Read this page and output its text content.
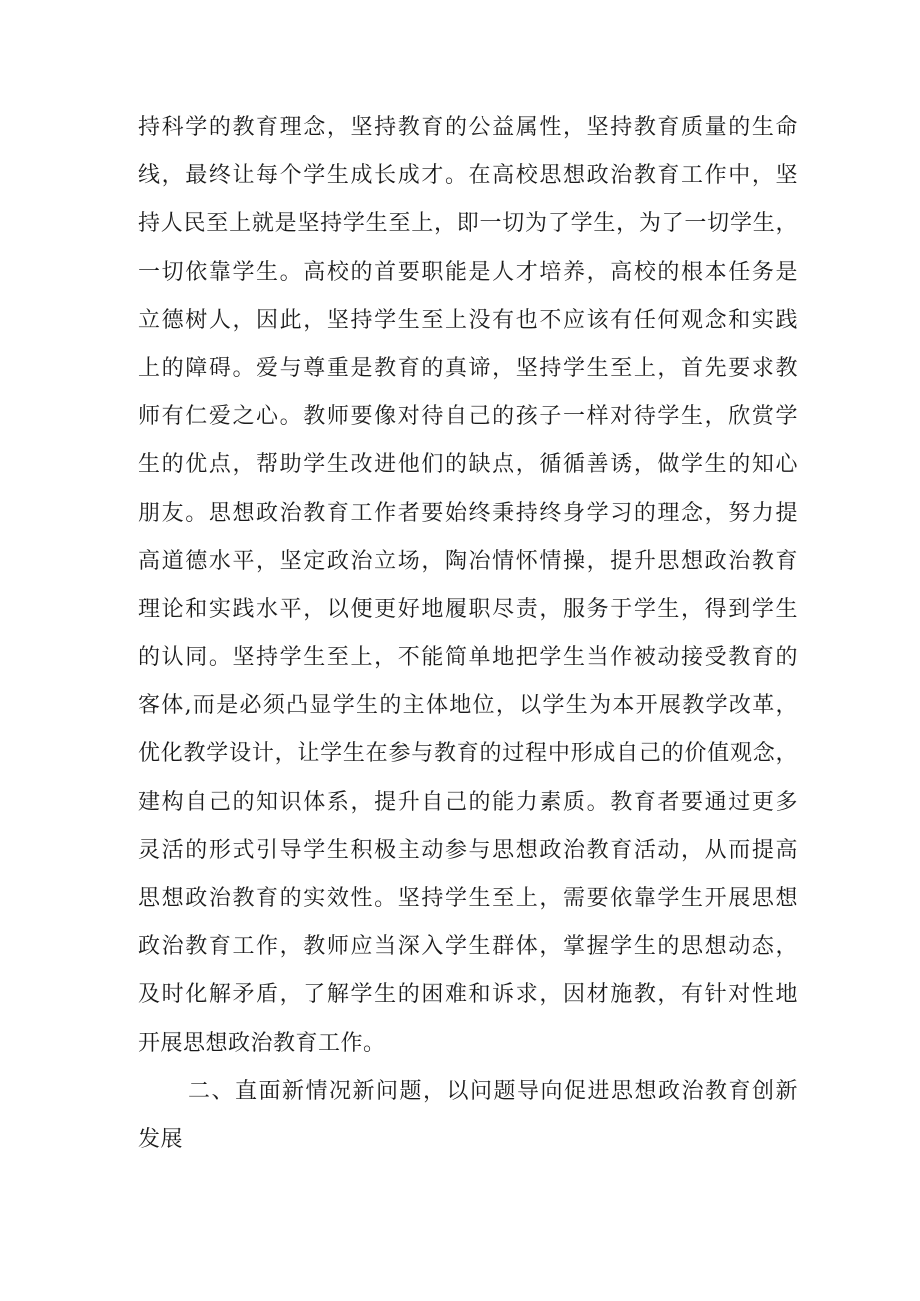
持科学的教育理念，坚持教育的公益属性，坚持教育质量的生命
线，最终让每个学生成长成才。在高校思想政治教育工作中，坚
持人民至上就是坚持学生至上，即一切为了学生，为了一切学生，
一切依靠学生。高校的首要职能是人才培养，高校的根本任务是
立德树人，因此，坚持学生至上没有也不应该有任何观念和实践
上的障碍。爱与尊重是教育的真谛，坚持学生至上，首先要求教
师有仁爱之心。教师要像对待自己的孩子一样对待学生，欣赏学
生的优点，帮助学生改进他们的缺点，循循善诱，做学生的知心
朋友。思想政治教育工作者要始终秉持终身学习的理念，努力提
高道德水平，坚定政治立场，陶冶情怀情操，提升思想政治教育
理论和实践水平，以便更好地履职尽责，服务于学生，得到学生
的认同。坚持学生至上，不能简单地把学生当作被动接受教育的
客体,而是必须凸显学生的主体地位，以学生为本开展教学改革，
优化教学设计，让学生在参与教育的过程中形成自己的价值观念，
建构自己的知识体系，提升自己的能力素质。教育者要通过更多
灵活的形式引导学生积极主动参与思想政治教育活动，从而提高
思想政治教育的实效性。坚持学生至上，需要依靠学生开展思想
政治教育工作，教师应当深入学生群体，掌握学生的思想动态，
及时化解矛盾，了解学生的困难和诉求，因材施教，有针对性地
开展思想政治教育工作。
二、直面新情况新问题，以问题导向促进思想政治教育创新
发展
